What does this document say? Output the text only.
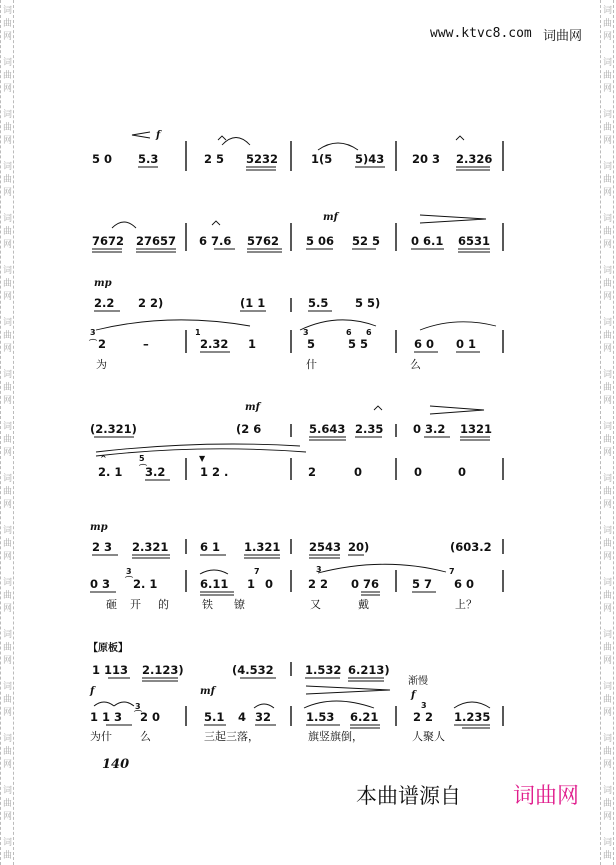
词
曲
网
词
曲
网
词
曲
网
词
曲
网
词
曲
网
词
曲
网
词
曲
网
词
曲
网
词
曲
网
词
曲
网
词
曲
网
词
曲
网
词
曲
网
词
曲
网
词
曲
网
词
曲
网
词
曲
词
曲
网
词
曲
网
词
曲
网
词
曲
网
词
曲
网
词
曲
网
词
曲
网
词
曲
网
词
曲
网
词
曲
网
词
曲
网
词
曲
网
词
曲
网
词
曲
网
词
曲
网
词
曲
网
词
曲
www.ktvc8.com 词曲网
f
5 0 5.3	2 5 5232	1(5 5)43 20 3 2.326
mf
7672 27657 6 7.6 5762 5 06 52 5	0 6.1 6531
mp
2.2 2 2)	(1 1	5.5 5 5)
3
⌒ 2	–
1
2.32 1
3
5
6 6
5 5	6 0 0 1
为	什	么
mf
(2.321)	(2 6	5.643 2.35	0 3.2 1321
^
2. 1
5
⌒
3.2
▼
1 2 .	2	0	0	0
mp
2 3 2.321	6 1 1.321 2543 20)	(603.2
0 3
3
⌒ 2. 1	6.11
7
1 0
3
2 2 0 76	5 7
7
6 0
砸 开 的	铁 镣	又	戴	上？
【原板】
1 113 2.123)	(4.532	1.532 6.213)
渐慢
f	mf	f
1 1 3
3
⌒
2 0	5.1 4 32	1.53 6.21
3
2 2 1.235
为什	么	三起三落，	旗竖旗倒，	人聚人
140
本曲谱源自 词曲网
